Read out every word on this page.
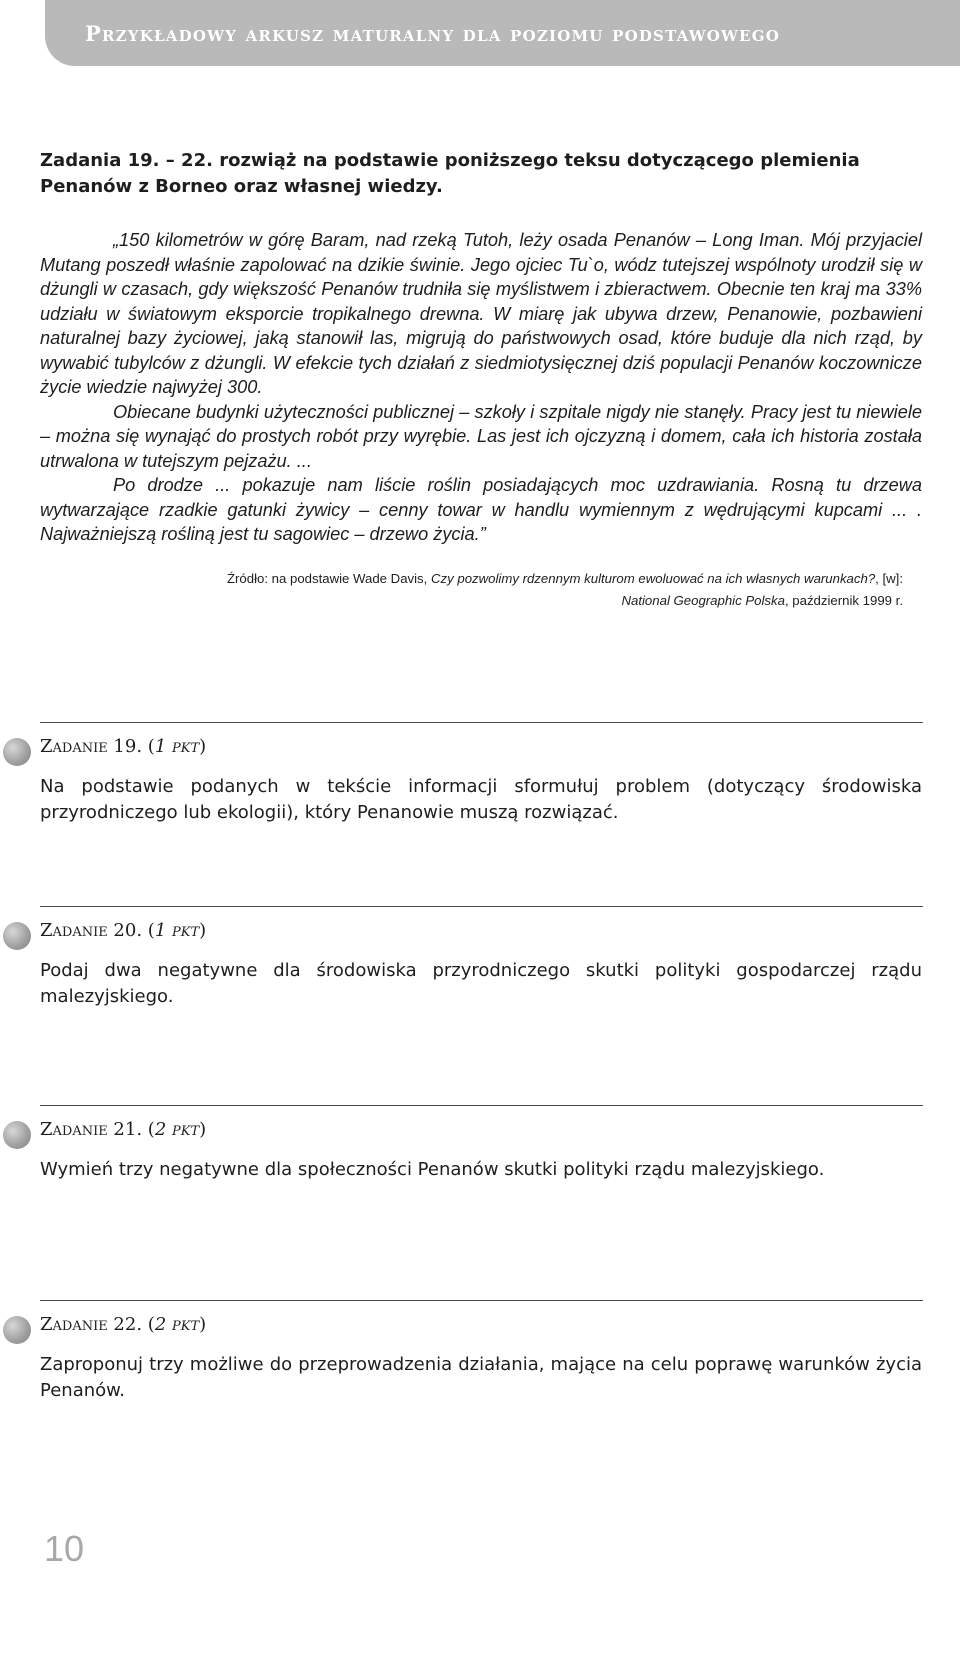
Przykładowy arkusz maturalny dla poziomu podstawowego
Zadania 19. – 22. rozwiąż na podstawie poniższego teksu dotyczącego plemienia Penanów z Borneo oraz własnej wiedzy.

„150 kilometrów w górę Baram, nad rzeką Tutoh, leży osada Penanów – Long Iman. Mój przyjaciel Mutang poszedł właśnie zapolować na dzikie świnie. Jego ojciec Tu`o, wódz tutejszej wspólnoty urodził się w dżungli w czasach, gdy większość Penanów trudniła się myślistwem i zbieractwem. Obecnie ten kraj ma 33% udziału w światowym eksporcie tropikalnego drewna. W miarę jak ubywa drzew, Penanowie, pozbawieni naturalnej bazy życiowej, jaką stanowił las, migrują do państwowych osad, które buduje dla nich rząd, by wywabić tubylców z dżungli. W efekcie tych działań z siedmiotysięcznej dziś populacji Penanów koczownicze życie wiedzie najwyżej 300.

Obiecane budynki użyteczności publicznej – szkoły i szpitale nigdy nie stanęły. Pracy jest tu niewiele – można się wynająć do prostych robót przy wyrębie. Las jest ich ojczyzną i domem, cała ich historia została utrwalona w tutejszym pejzażu. ...

Po drodze ... pokazuje nam liście roślin posiadających moc uzdrawiania. Rosną tu drzewa wytwarzające rzadkie gatunki żywicy – cenny towar w handlu wymiennym z wędrującymi kupcami ... . Najważniejszą rośliną jest tu sagowiec – drzewo życia.”

Źródło: na podstawie Wade Davis, Czy pozwolimy rdzennym kulturom ewoluować na ich własnych warunkach?, [w]: National Geographic Polska, październik 1999 r.
Zadanie 19. (1 pkt)
Na podstawie podanych w tekście informacji sformułuj problem (dotyczący środowiska przyrodniczego lub ekologii), który Penanowie muszą rozwiązać.
Zadanie 20. (1 pkt)
Podaj dwa negatywne dla środowiska przyrodniczego skutki polityki gospodarczej rządu malezyjskiego.
Zadanie 21. (2 pkt)
Wymień trzy negatywne dla społeczności Penanów skutki polityki rządu malezyjskiego.
Zadanie 22. (2 pkt)
Zaproponuj trzy możliwe do przeprowadzenia działania, mające na celu poprawę warunków życia Penanów.
10
